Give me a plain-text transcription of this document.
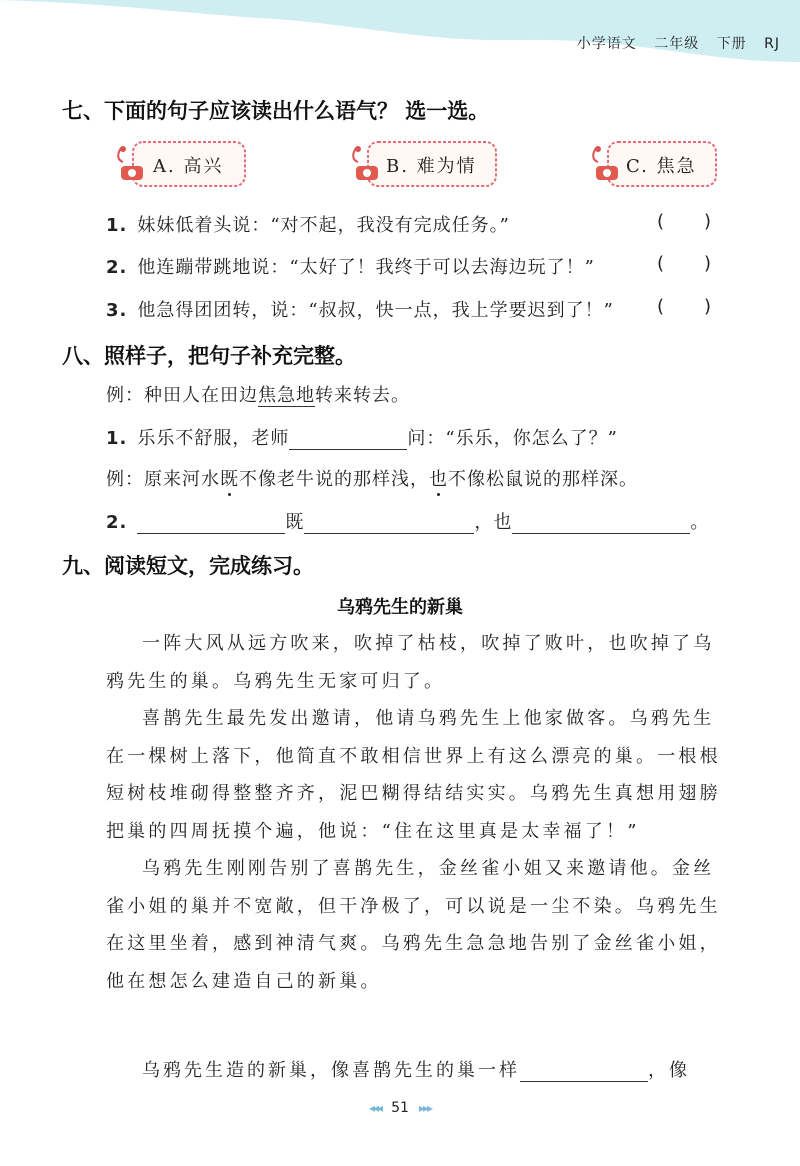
小学语文 二年级 下册 RJ
七、下面的句子应该读出什么语气？ 选一选。
A. 高兴	B. 难为情	C. 焦急
1. 妹妹低着头说：“对不起，我没有完成任务。”	( )
2. 他连蹦带跳地说：“太好了！我终于可以去海边玩了！”	( )
3. 他急得团团转，说：“叔叔，快一点，我上学要迟到了！” ( )
八、照样子，把句子补充完整。
例：种田人在田边焦急地转来转去。
1. 乐乐不舒服，老师	问：“乐乐，你怎么了？”
例：原来河水既不像老牛说的那样浅，也不像松鼠说的那样深。
2.	既	，也	。
九、阅读短文，完成练习。
乌鸦先生的新巢

一阵大风从远方吹来，吹掉了枯枝，吹掉了败叶，也吹掉了乌鸦先生的巢。乌鸦先生无家可归了。

喜鹊先生最先发出邀请，他请乌鸦先生上他家做客。乌鸦先生在一棵树上落下，他简直不敢相信世界上有这么漂亮的巢。一根根短树枝堆砌得整整齐齐，泥巴糊得结结实实。乌鸦先生真想用翅膀把巢的四周抚摸个遍，他说：“住在这里真是太幸福了！”

乌鸦先生刚刚告别了喜鹊先生，金丝雀小姐又来邀请他。金丝雀小姐的巢并不宽敞，但干净极了，可以说是一尘不染。乌鸦先生在这里坐着，感到神清气爽。乌鸦先生急急地告别了金丝雀小姐，他在想怎么建造自己的新巢。

乌鸦先生造的新巢，像喜鹊先生的巢一样	，像
◂◂◂ 51 ▸▸▸
